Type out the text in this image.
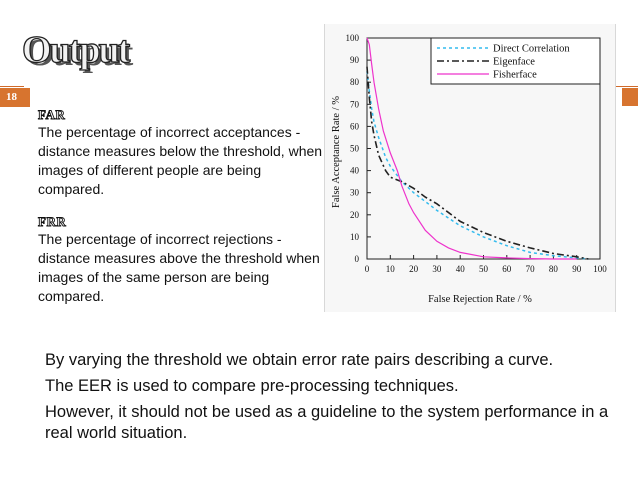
Output
18
FAR

The percentage of incorrect acceptances - distance measures below the threshold, when images of different people are being compared.

FRR

The percentage of incorrect rejections - distance measures above the threshold when images of the same person are being compared.

0 10 20 30 40 50 60 70 80 90 100
0
10
20
30
40
50
60
70
80
90
100
Direct Correlation
Eigenface
Fisherface
False Rejection Rate / %
False Acceptance Rate / %

By varying the threshold we obtain error rate pairs describing a curve.

The EER is used to compare pre-processing techniques.

However, it should not be used as a guideline to the system performance in a real world situation.
